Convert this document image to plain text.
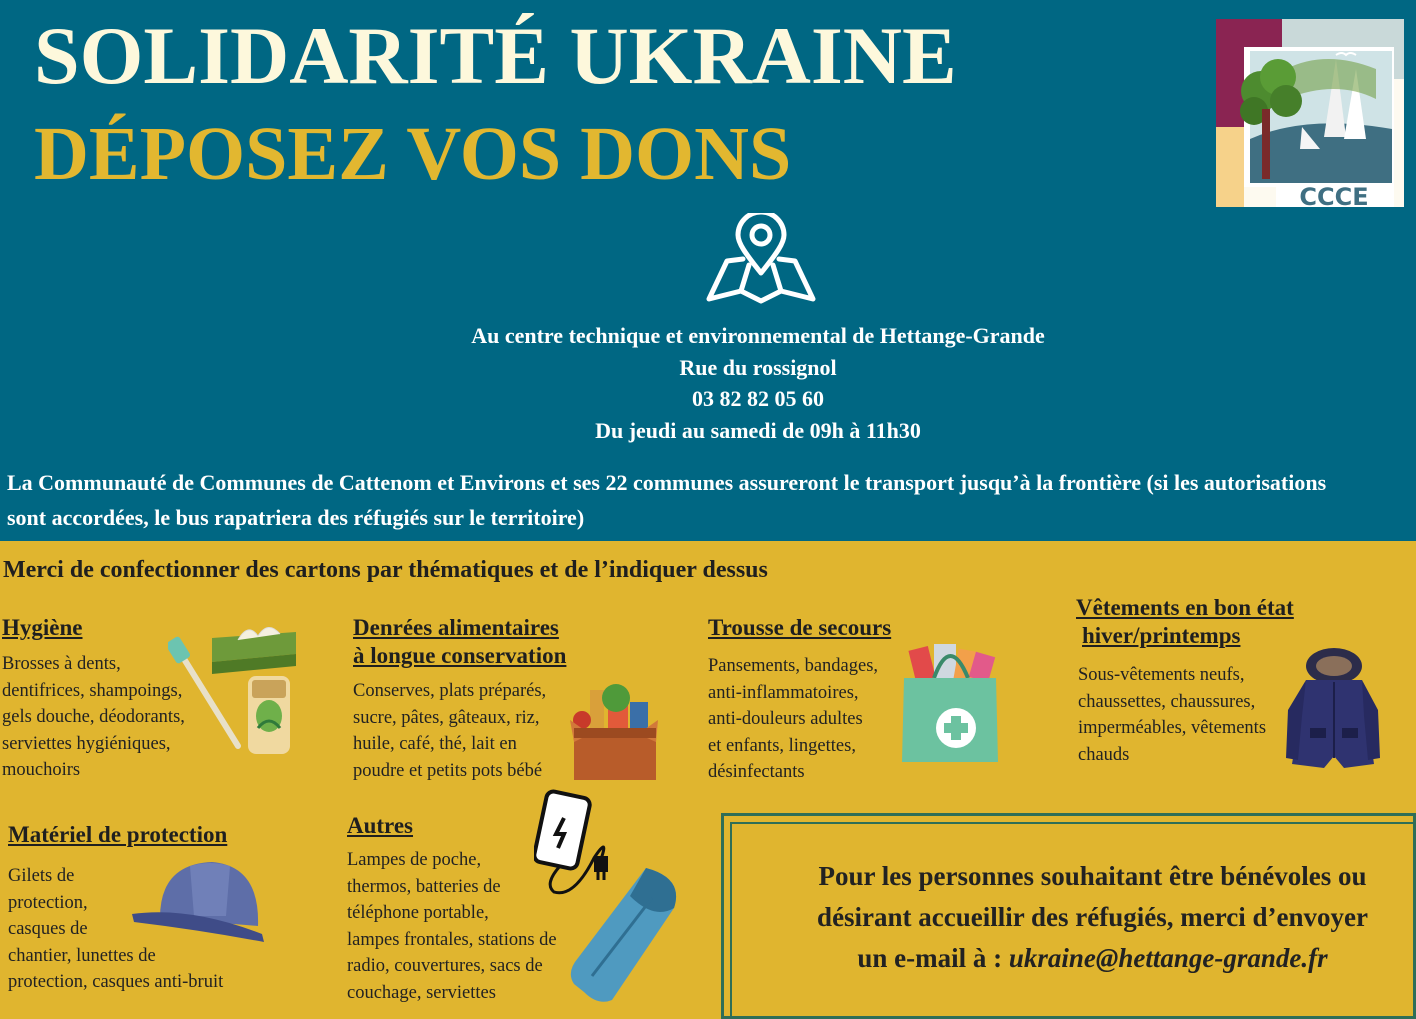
SOLIDARITÉ UKRAINE
DÉPOSEZ VOS DONS
CCCE
Au centre technique et environnemental de Hettange-Grande
Rue du rossignol
03 82 82 05 60
Du jeudi au samedi de 09h à 11h30
La Communauté de Communes de Cattenom et Environs et ses 22 communes assureront le transport jusqu’à la frontière (si les autorisations
sont accordées, le bus rapatriera des réfugiés sur le territoire)
Merci de confectionner des cartons par thématiques et de l’indiquer dessus
Hygiène
Brosses à dents,
dentifrices, shampoings,
gels douche, déodorants,
serviettes hygiéniques,
mouchoirs
Denrées alimentaires
à longue conservation
Conserves, plats préparés,
sucre, pâtes, gâteaux, riz,
huile, café, thé, lait en
poudre et petits pots bébé
Trousse de secours
Pansements, bandages,
anti-inflammatoires,
anti-douleurs adultes
et enfants, lingettes,
désinfectants
Vêtements en bon état
hiver/printemps
Sous-vêtements neufs,
chaussettes, chaussures,
imperméables, vêtements
chauds
Matériel de protection
Gilets de
protection,
casques de
chantier, lunettes de
protection, casques anti-bruit
Autres
Lampes de poche,
thermos, batteries de
téléphone portable,
lampes frontales, stations de
radio, couvertures, sacs de
couchage, serviettes
Pour les personnes souhaitant être bénévoles ou
désirant accueillir des réfugiés, merci d’envoyer
un e-mail à : ukraine@hettange-grande.fr
